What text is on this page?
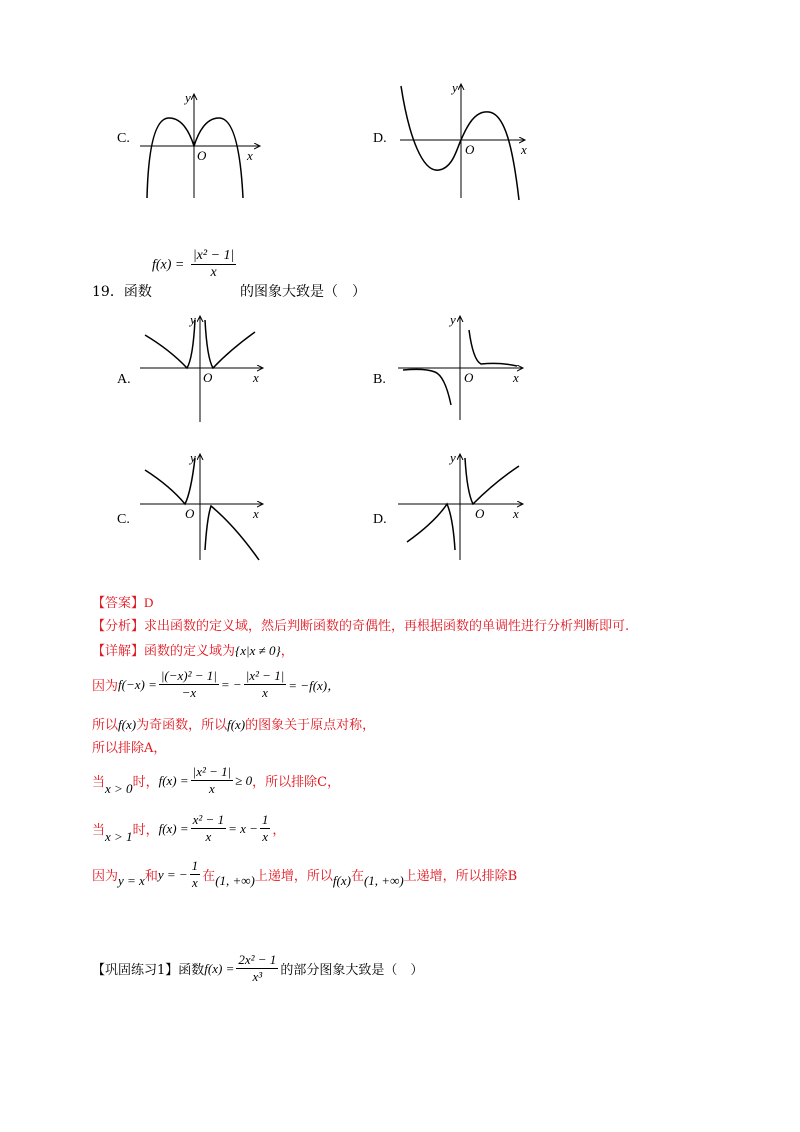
C.
x
y
O
D.
x
y
O
$f(x) = \frac{\text{|x² − 1|}}{x}$
19．函数	的图象大致是（　）
A.	x
y
O	B.	x
y
O
C.	x
y
O	D.	x
y
O
【答案】D
【分析】求出函数的定义域，然后判断函数的奇偶性，再根据函数的单调性进行分析判断即可.
【详解】函数的定义域为{x|x ≠ 0}，
因为 $f(-x) = \frac{\text{|(−x)² − 1|}}{-x}$ = − $\frac{\text{|x² − 1|}}{x} = -f(x)$，
所以f(x)为奇函数，所以f(x)的图象关于原点对称，
所以排除A，
当 x > 0 时， $f(x) = \frac{\text{|x² − 1|}}{x} \ge 0$ ，所以排除C，
当 x > 1 时， $f(x) = \frac{\text{x² − 1}}{x} = x - \frac{1}{x}$ ，
因为 y = x 和 y = − $\frac{1}{x}$ 在 (1, +∞) 上递增，所以 f(x) 在 (1, +∞) 上递增，所以排除B
【巩固练习1】 函数 $f(x) = \frac{\text{2x² − 1}}{\text{x³}}$ 的部分图象大致是（　）
